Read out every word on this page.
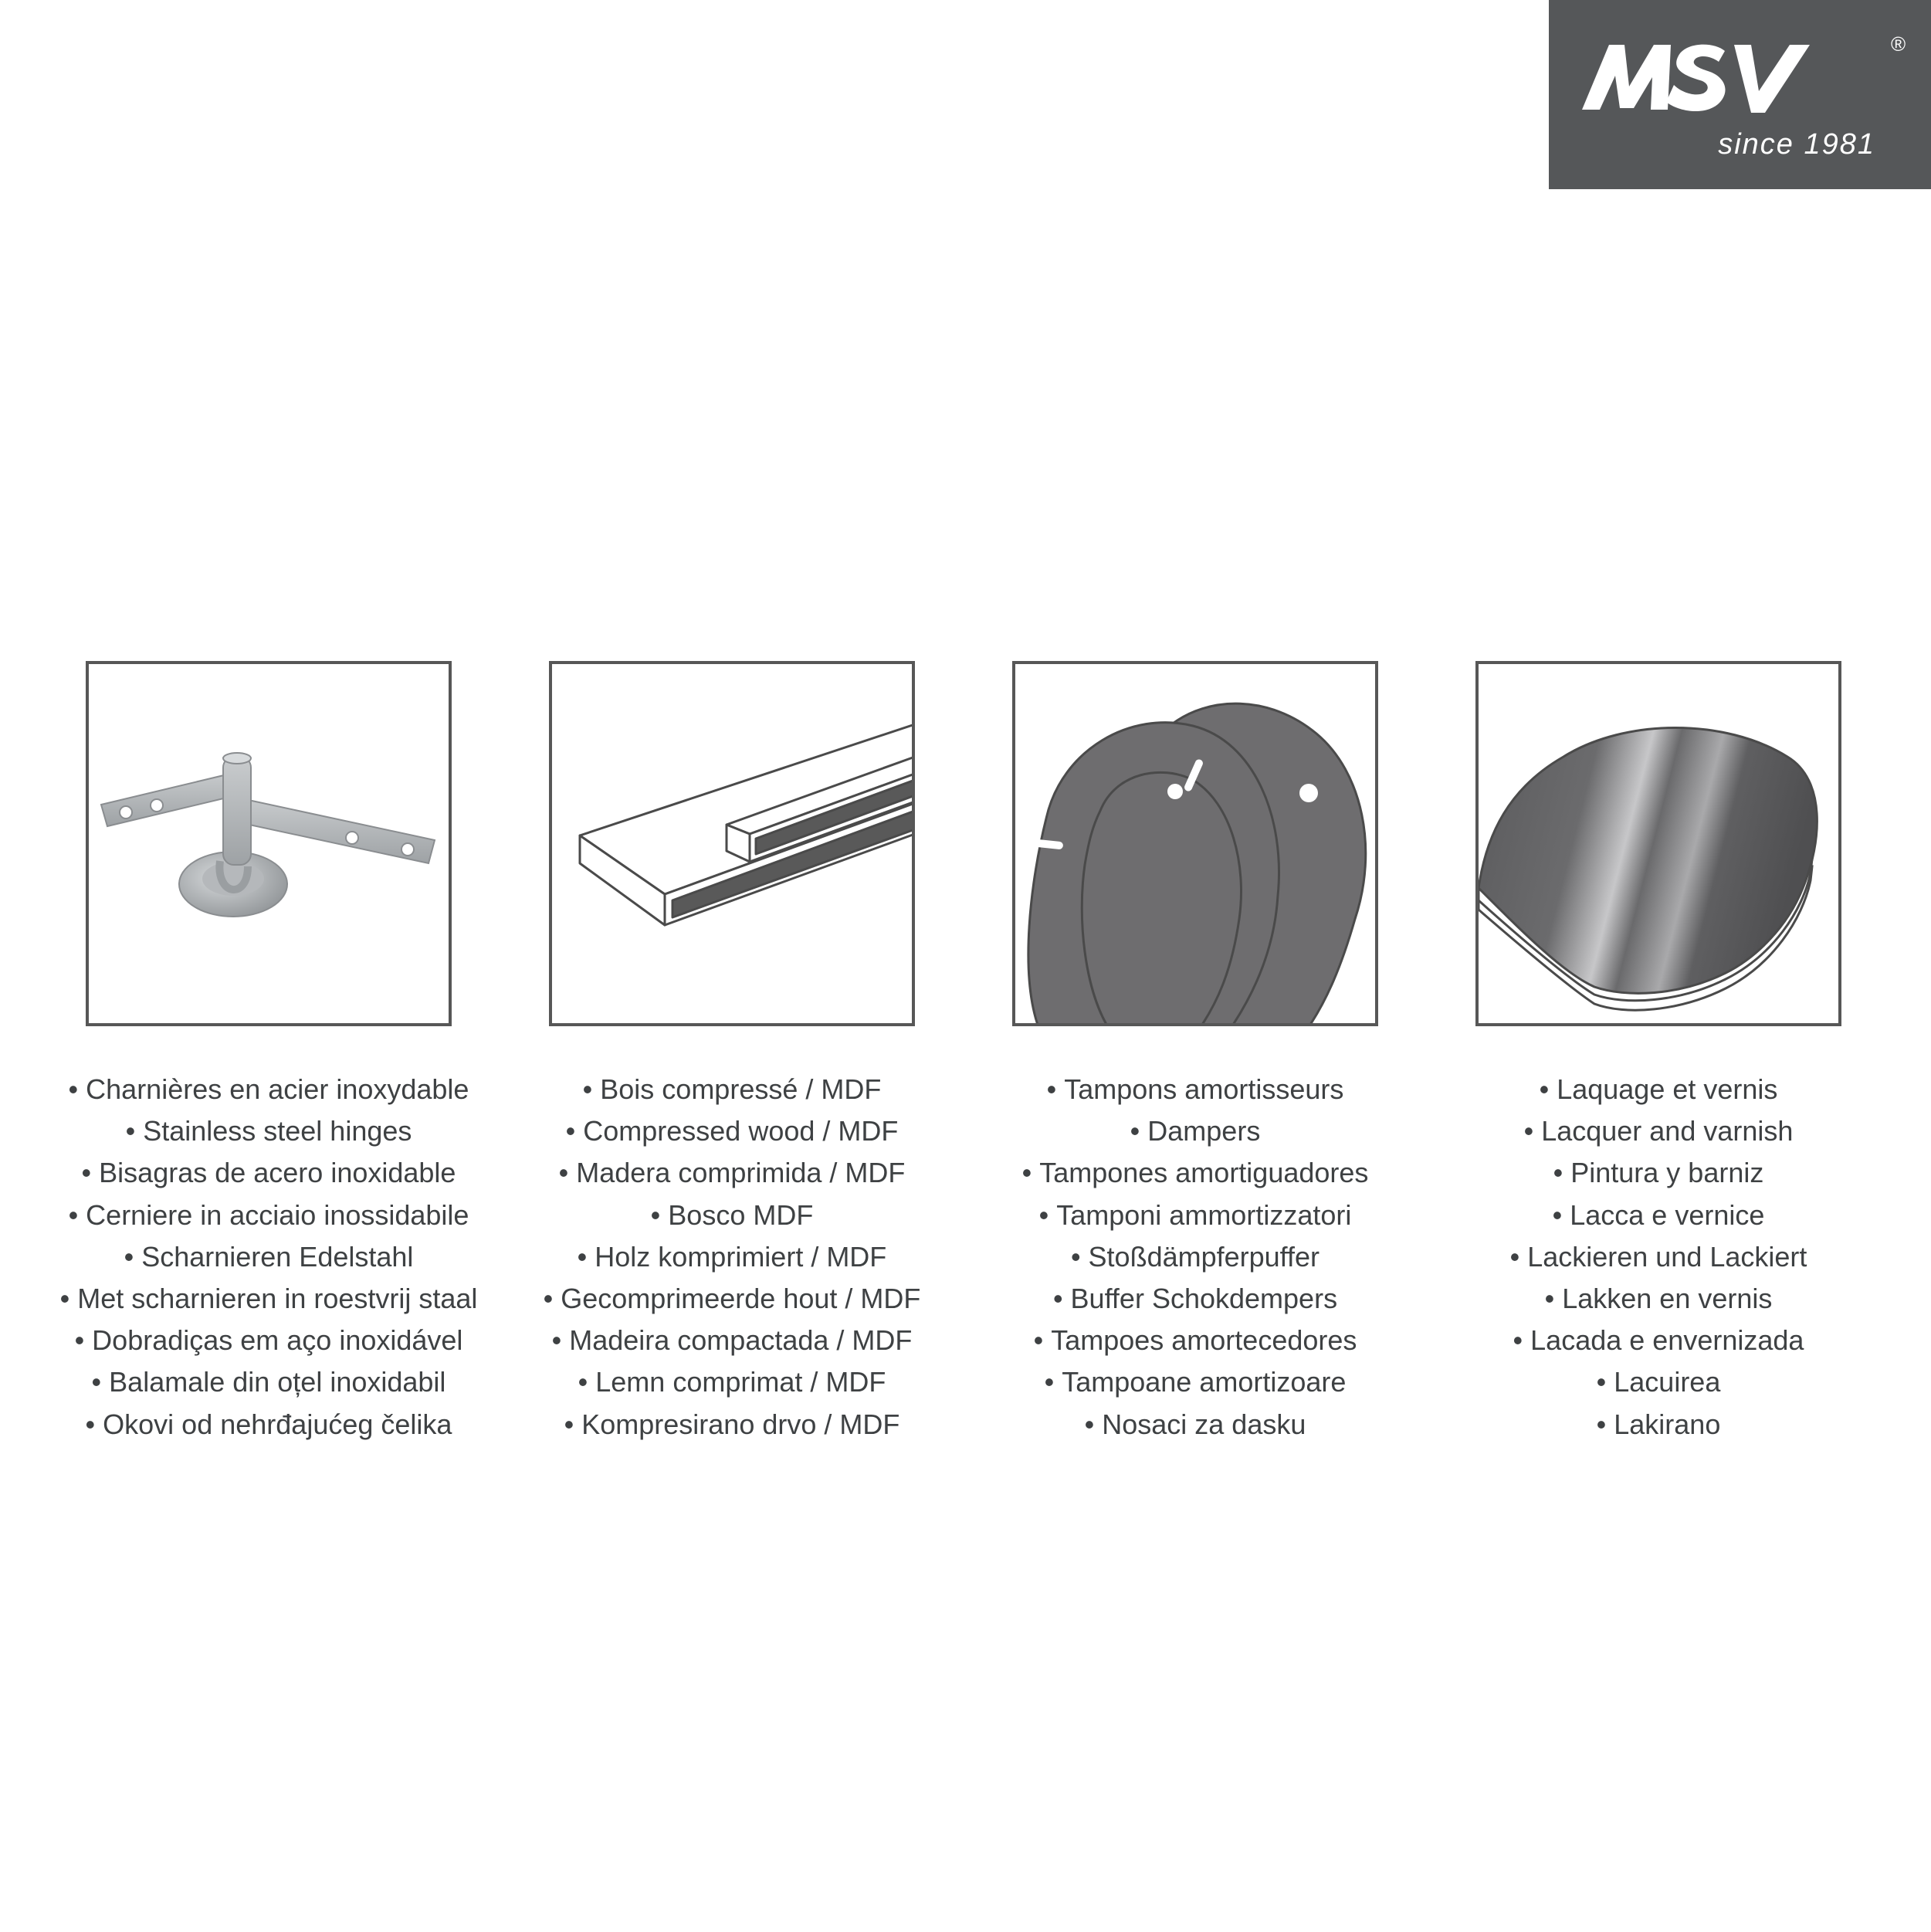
®
since 1981
• Charnières en acier inoxydable
• Stainless steel hinges
• Bisagras de acero inoxidable
• Cerniere in acciaio inossidabile
• Scharnieren Edelstahl
• Met scharnieren in roestvrij staal
• Dobradiças em aço inoxidável
• Balamale din oțel inoxidabil
• Okovi od nehrđajućeg čelika
• Bois compressé / MDF
• Compressed wood / MDF
• Madera comprimida / MDF
• Bosco MDF
• Holz komprimiert / MDF
• Gecomprimeerde hout / MDF
• Madeira compactada / MDF
• Lemn comprimat / MDF
• Kompresirano drvo / MDF
• Tampons amortisseurs
• Dampers
• Tampones amortiguadores
• Tamponi ammortizzatori
• Stoßdämpferpuffer
• Buffer Schokdempers
• Tampoes amortecedores
• Tampoane amortizoare
• Nosaci za dasku
• Laquage et vernis
• Lacquer and varnish
• Pintura y barniz
• Lacca e vernice
• Lackieren und Lackiert
• Lakken en vernis
• Lacada e envernizada
• Lacuirea
• Lakirano
